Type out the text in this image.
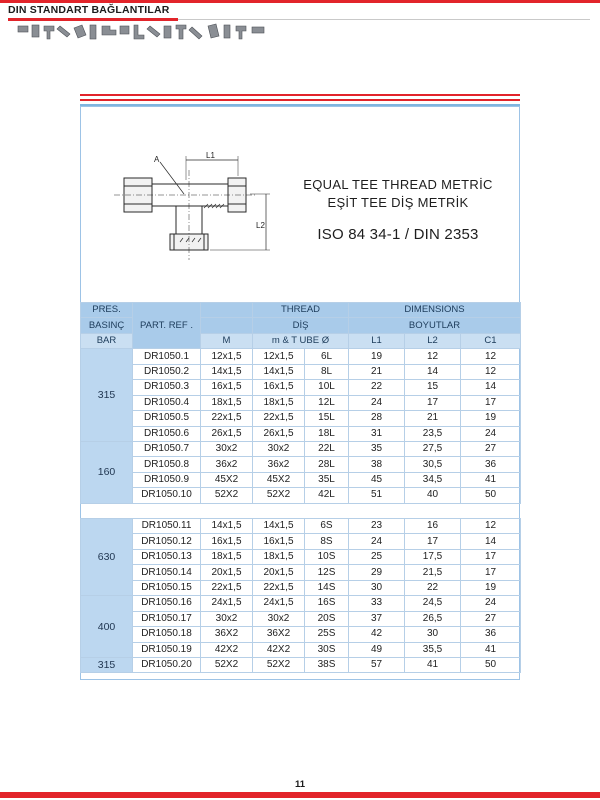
DIN STANDART BAĞLANTILAR
A	L1
L2
EQUAL TEE THREAD METRİC
EŞİT TEE DİŞ METRİK
ISO 84 34-1 / DIN 2353
PRES.	PART. REF .		THREAD		DIMENSIONS		
BASINÇ			DİŞ		BOYUTLAR		
BAR		M	m & T UBE Ø		L1	L2	C1
315	DR1050.1	12x1,5	12x1,5	6L	19	12	12
	DR1050.2	14x1,5	14x1,5	8L	21	14	12
	DR1050.3	16x1,5	16x1,5	10L	22	15	14
	DR1050.4	18x1,5	18x1,5	12L	24	17	17
	DR1050.5	22x1,5	22x1,5	15L	28	21	19
	DR1050.6	26x1,5	26x1,5	18L	31	23,5	24
160	DR1050.7	30x2	30x2	22L	35	27,5	27
	DR1050.8	36x2	36x2	28L	38	30,5	36
	DR1050.9	45X2	45X2	35L	45	34,5	41
	DR1050.10	52X2	52X2	42L	51	40	50
630	DR1050.11	14x1,5	14x1,5	6S	23	16	12
	DR1050.12	16x1,5	16x1,5	8S	24	17	14
	DR1050.13	18x1,5	18x1,5	10S	25	17,5	17
	DR1050.14	20x1,5	20x1,5	12S	29	21,5	17
	DR1050.15	22x1,5	22x1,5	14S	30	22	19
400	DR1050.16	24x1,5	24x1,5	16S	33	24,5	24
	DR1050.17	30x2	30x2	20S	37	26,5	27
	DR1050.18	36X2	36X2	25S	42	30	36
	DR1050.19	42X2	42X2	30S	49	35,5	41
315	DR1050.20	52X2	52X2	38S	57	41	50
11
